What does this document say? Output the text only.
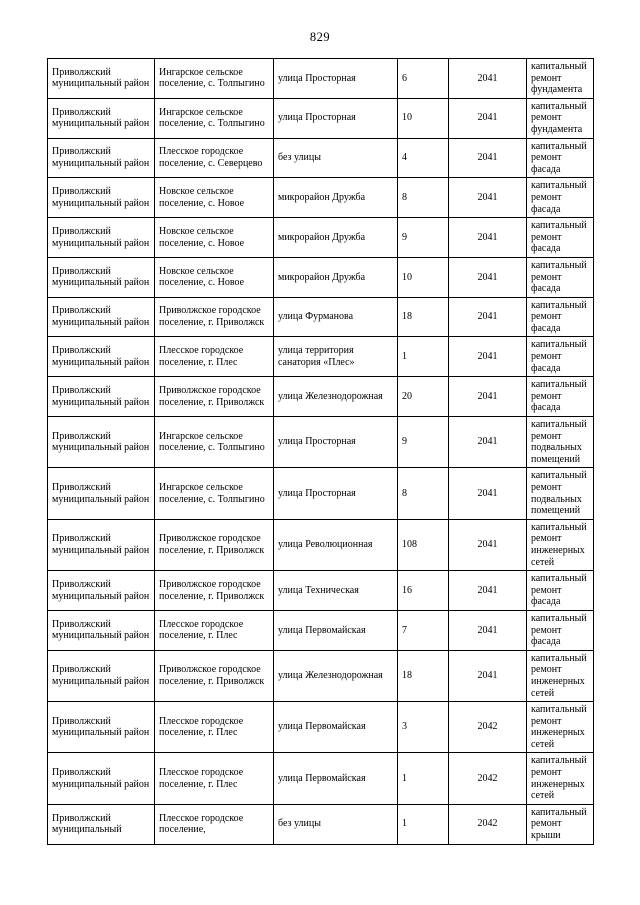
829
Приволжский муниципальный район	Ингарское сельское поселение, с. Толпыгино	улица Просторная	6	2041	капитальный ремонт фундамента
Приволжский муниципальный район	Ингарское сельское поселение, с. Толпыгино	улица Просторная	10	2041	капитальный ремонт фундамента
Приволжский муниципальный район	Плесское городское поселение, с. Северцево	без улицы	4	2041	капитальный ремонт фасада
Приволжский муниципальный район	Новское сельское поселение, с. Новое	микрорайон Дружба	8	2041	капитальный ремонт фасада
Приволжский муниципальный район	Новское сельское поселение, с. Новое	микрорайон Дружба	9	2041	капитальный ремонт фасада
Приволжский муниципальный район	Новское сельское поселение, с. Новое	микрорайон Дружба	10	2041	капитальный ремонт фасада
Приволжский муниципальный район	Приволжское городское поселение, г. Приволжск	улица Фурманова	18	2041	капитальный ремонт фасада
Приволжский муниципальный район	Плесское городское поселение, г. Плес	улица территория санатория «Плес»	1	2041	капитальный ремонт фасада
Приволжский муниципальный район	Приволжское городское поселение, г. Приволжск	улица Железнодорожная	20	2041	капитальный ремонт фасада
Приволжский муниципальный район	Ингарское сельское поселение, с. Толпыгино	улица Просторная	9	2041	капитальный ремонт подвальных помещений
Приволжский муниципальный район	Ингарское сельское поселение, с. Толпыгино	улица Просторная	8	2041	капитальный ремонт подвальных помещений
Приволжский муниципальный район	Приволжское городское поселение, г. Приволжск	улица Революционная	108	2041	капитальный ремонт инженерных сетей
Приволжский муниципальный район	Приволжское городское поселение, г. Приволжск	улица Техническая	16	2041	капитальный ремонт фасада
Приволжский муниципальный район	Плесское городское поселение, г. Плес	улица Первомайская	7	2041	капитальный ремонт фасада
Приволжский муниципальный район	Приволжское городское поселение, г. Приволжск	улица Железнодорожная	18	2041	капитальный ремонт инженерных сетей
Приволжский муниципальный район	Плесское городское поселение, г. Плес	улица Первомайская	3	2042	капитальный ремонт инженерных сетей
Приволжский муниципальный район	Плесское городское поселение, г. Плес	улица Первомайская	1	2042	капитальный ремонт инженерных сетей
Приволжский муниципальный	Плесское городское поселение,	без улицы	1	2042	капитальный ремонт крыши
